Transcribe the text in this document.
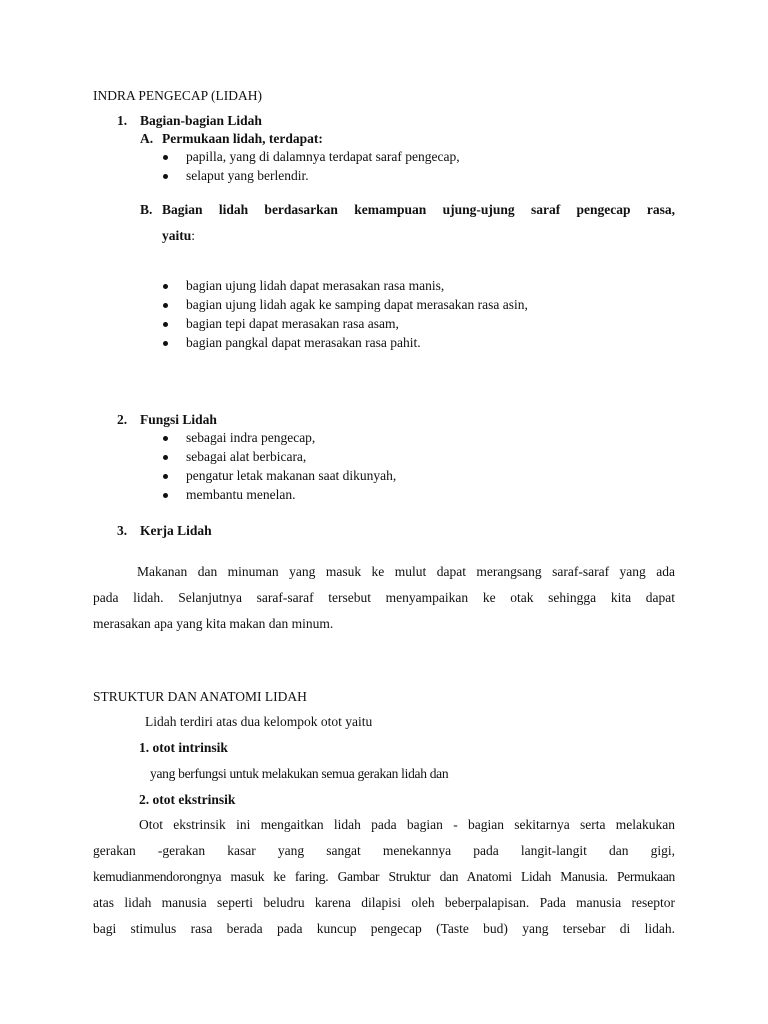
INDRA PENGECAP (LIDAH)
1. Bagian-bagian Lidah
A. Permukaan lidah, terdapat:
papilla, yang di dalamnya terdapat saraf pengecap,
selaput yang berlendir.
B. Bagian lidah berdasarkan kemampuan ujung-ujung saraf pengecap rasa,
yaitu:
bagian ujung lidah dapat merasakan rasa manis,
bagian ujung lidah agak ke samping dapat merasakan rasa asin,
bagian tepi dapat merasakan rasa asam,
bagian pangkal dapat merasakan rasa pahit.
2. Fungsi Lidah
sebagai indra pengecap,
sebagai alat berbicara,
pengatur letak makanan saat dikunyah,
membantu menelan.
3. Kerja Lidah
Makanan dan minuman yang masuk ke mulut dapat merangsang saraf-saraf yang ada
pada lidah. Selanjutnya saraf-saraf tersebut menyampaikan ke otak sehingga kita dapat
merasakan apa yang kita makan dan minum.
STRUKTUR DAN ANATOMI LIDAH
Lidah terdiri atas dua kelompok otot yaitu
1. otot intrinsik
yang berfungsi untuk melakukan semua gerakan lidah dan
2. otot ekstrinsik
Otot ekstrinsik ini mengaitkan lidah pada bagian - bagian sekitarnya serta melakukan
gerakan -gerakan kasar yang sangat menekannya pada langit-langit dan gigi,
kemudianmendorongnya masuk ke faring. Gambar Struktur dan Anatomi Lidah Manusia. Permukaan
atas lidah manusia seperti beludru karena dilapisi oleh beberpalapisan. Pada manusia reseptor
bagi stimulus rasa berada pada kuncup pengecap (Taste bud) yang tersebar di lidah.
